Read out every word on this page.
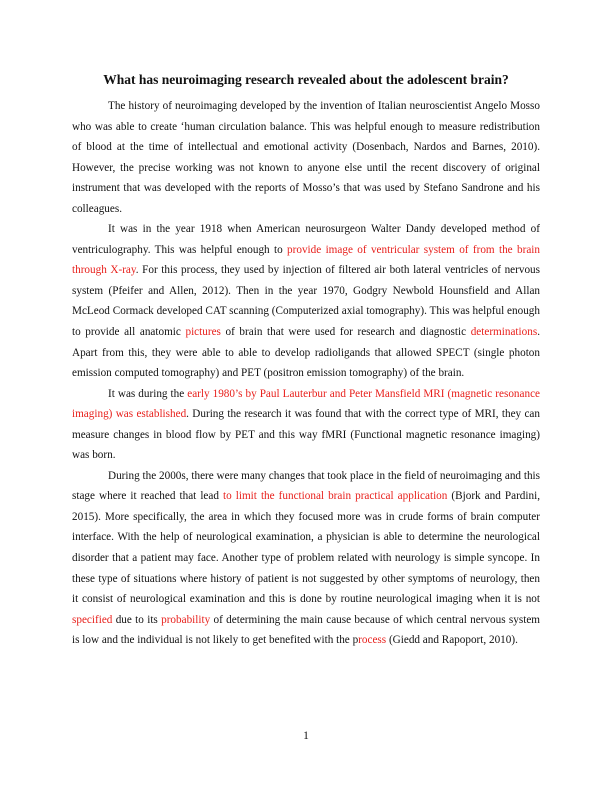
What has neuroimaging research revealed about the adolescent brain?

The history of neuroimaging developed by the invention of Italian neuroscientist Angelo Mosso who was able to create ‘human circulation balance. This was helpful enough to measure redistribution of blood at the time of intellectual and emotional activity (Dosenbach, Nardos and Barnes, 2010). However, the precise working was not known to anyone else until the recent discovery of original instrument that was developed with the reports of Mosso’s that was used by Stefano Sandrone and his colleagues.

It was in the year 1918 when American neurosurgeon Walter Dandy developed method of ventriculography. This was helpful enough to provide image of ventricular system of from the brain through X-ray. For this process, they used by injection of filtered air both lateral ventricles of nervous system (Pfeifer and Allen, 2012). Then in the year 1970, Godgry Newbold Hounsfield and Allan McLeod Cormack developed CAT scanning (Computerized axial tomography). This was helpful enough to provide all anatomic pictures of brain that were used for research and diagnostic determinations. Apart from this, they were able to able to develop radioligands that allowed SPECT (single photon emission computed tomography) and PET (positron emission tomography) of the brain.

It was during the early 1980’s by Paul Lauterbur and Peter Mansfield MRI (magnetic resonance imaging) was established. During the research it was found that with the correct type of MRI, they can measure changes in blood flow by PET and this way fMRI (Functional magnetic resonance imaging) was born.

During the 2000s, there were many changes that took place in the field of neuroimaging and this stage where it reached that lead to limit the functional brain practical application (Bjork and Pardini, 2015). More specifically, the area in which they focused more was in crude forms of brain computer interface. With the help of neurological examination, a physician is able to determine the neurological disorder that a patient may face. Another type of problem related with neurology is simple syncope. In these type of situations where history of patient is not suggested by other symptoms of neurology, then it consist of neurological examination and this is done by routine neurological imaging when it is not specified due to its probability of determining the main cause because of which central nervous system is low and the individual is not likely to get benefited with the process (Giedd and Rapoport, 2010).

1
